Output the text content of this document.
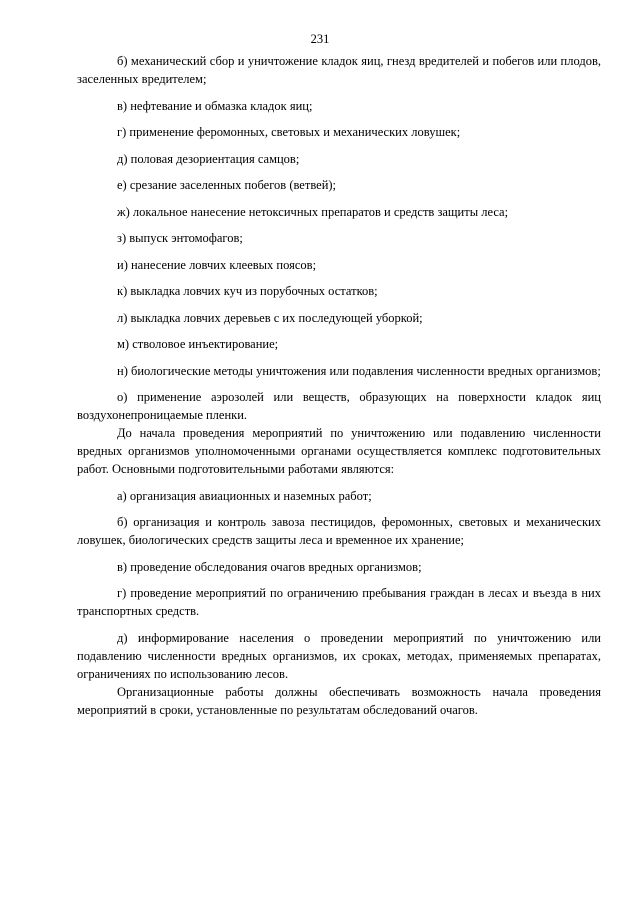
231

б) механический сбор и уничтожение кладок яиц, гнезд вредителей и побегов или плодов, заселенных вредителем;

в) нефтевание и обмазка кладок яиц;

г) применение феромонных, световых и механических ловушек;

д) половая дезориентация самцов;

е) срезание заселенных побегов (ветвей);

ж) локальное нанесение нетоксичных препаратов и средств защиты леса;

з) выпуск энтомофагов;

и) нанесение ловчих клеевых поясов;

к) выкладка ловчих куч из порубочных остатков;

л) выкладка ловчих деревьев с их последующей уборкой;

м) стволовое инъектирование;

н) биологические методы уничтожения или подавления численности вредных организмов;

о) применение аэрозолей или веществ, образующих на поверхности кладок яиц воздухонепроницаемые пленки.

До начала проведения мероприятий по уничтожению или подавлению численности вредных организмов уполномоченными органами осуществляется комплекс подготовительных работ. Основными подготовительными работами являются:

а) организация авиационных и наземных работ;

б) организация и контроль завоза пестицидов, феромонных, световых и механических ловушек, биологических средств защиты леса и временное их хранение;

в) проведение обследования очагов вредных организмов;

г) проведение мероприятий по ограничению пребывания граждан в лесах и въезда в них транспортных средств.

д) информирование населения о проведении мероприятий по уничтожению или подавлению численности вредных организмов, их сроках, методах, применяемых препаратах, ограничениях по использованию лесов.

Организационные работы должны обеспечивать возможность начала проведения мероприятий в сроки, установленные по результатам обследований очагов.
